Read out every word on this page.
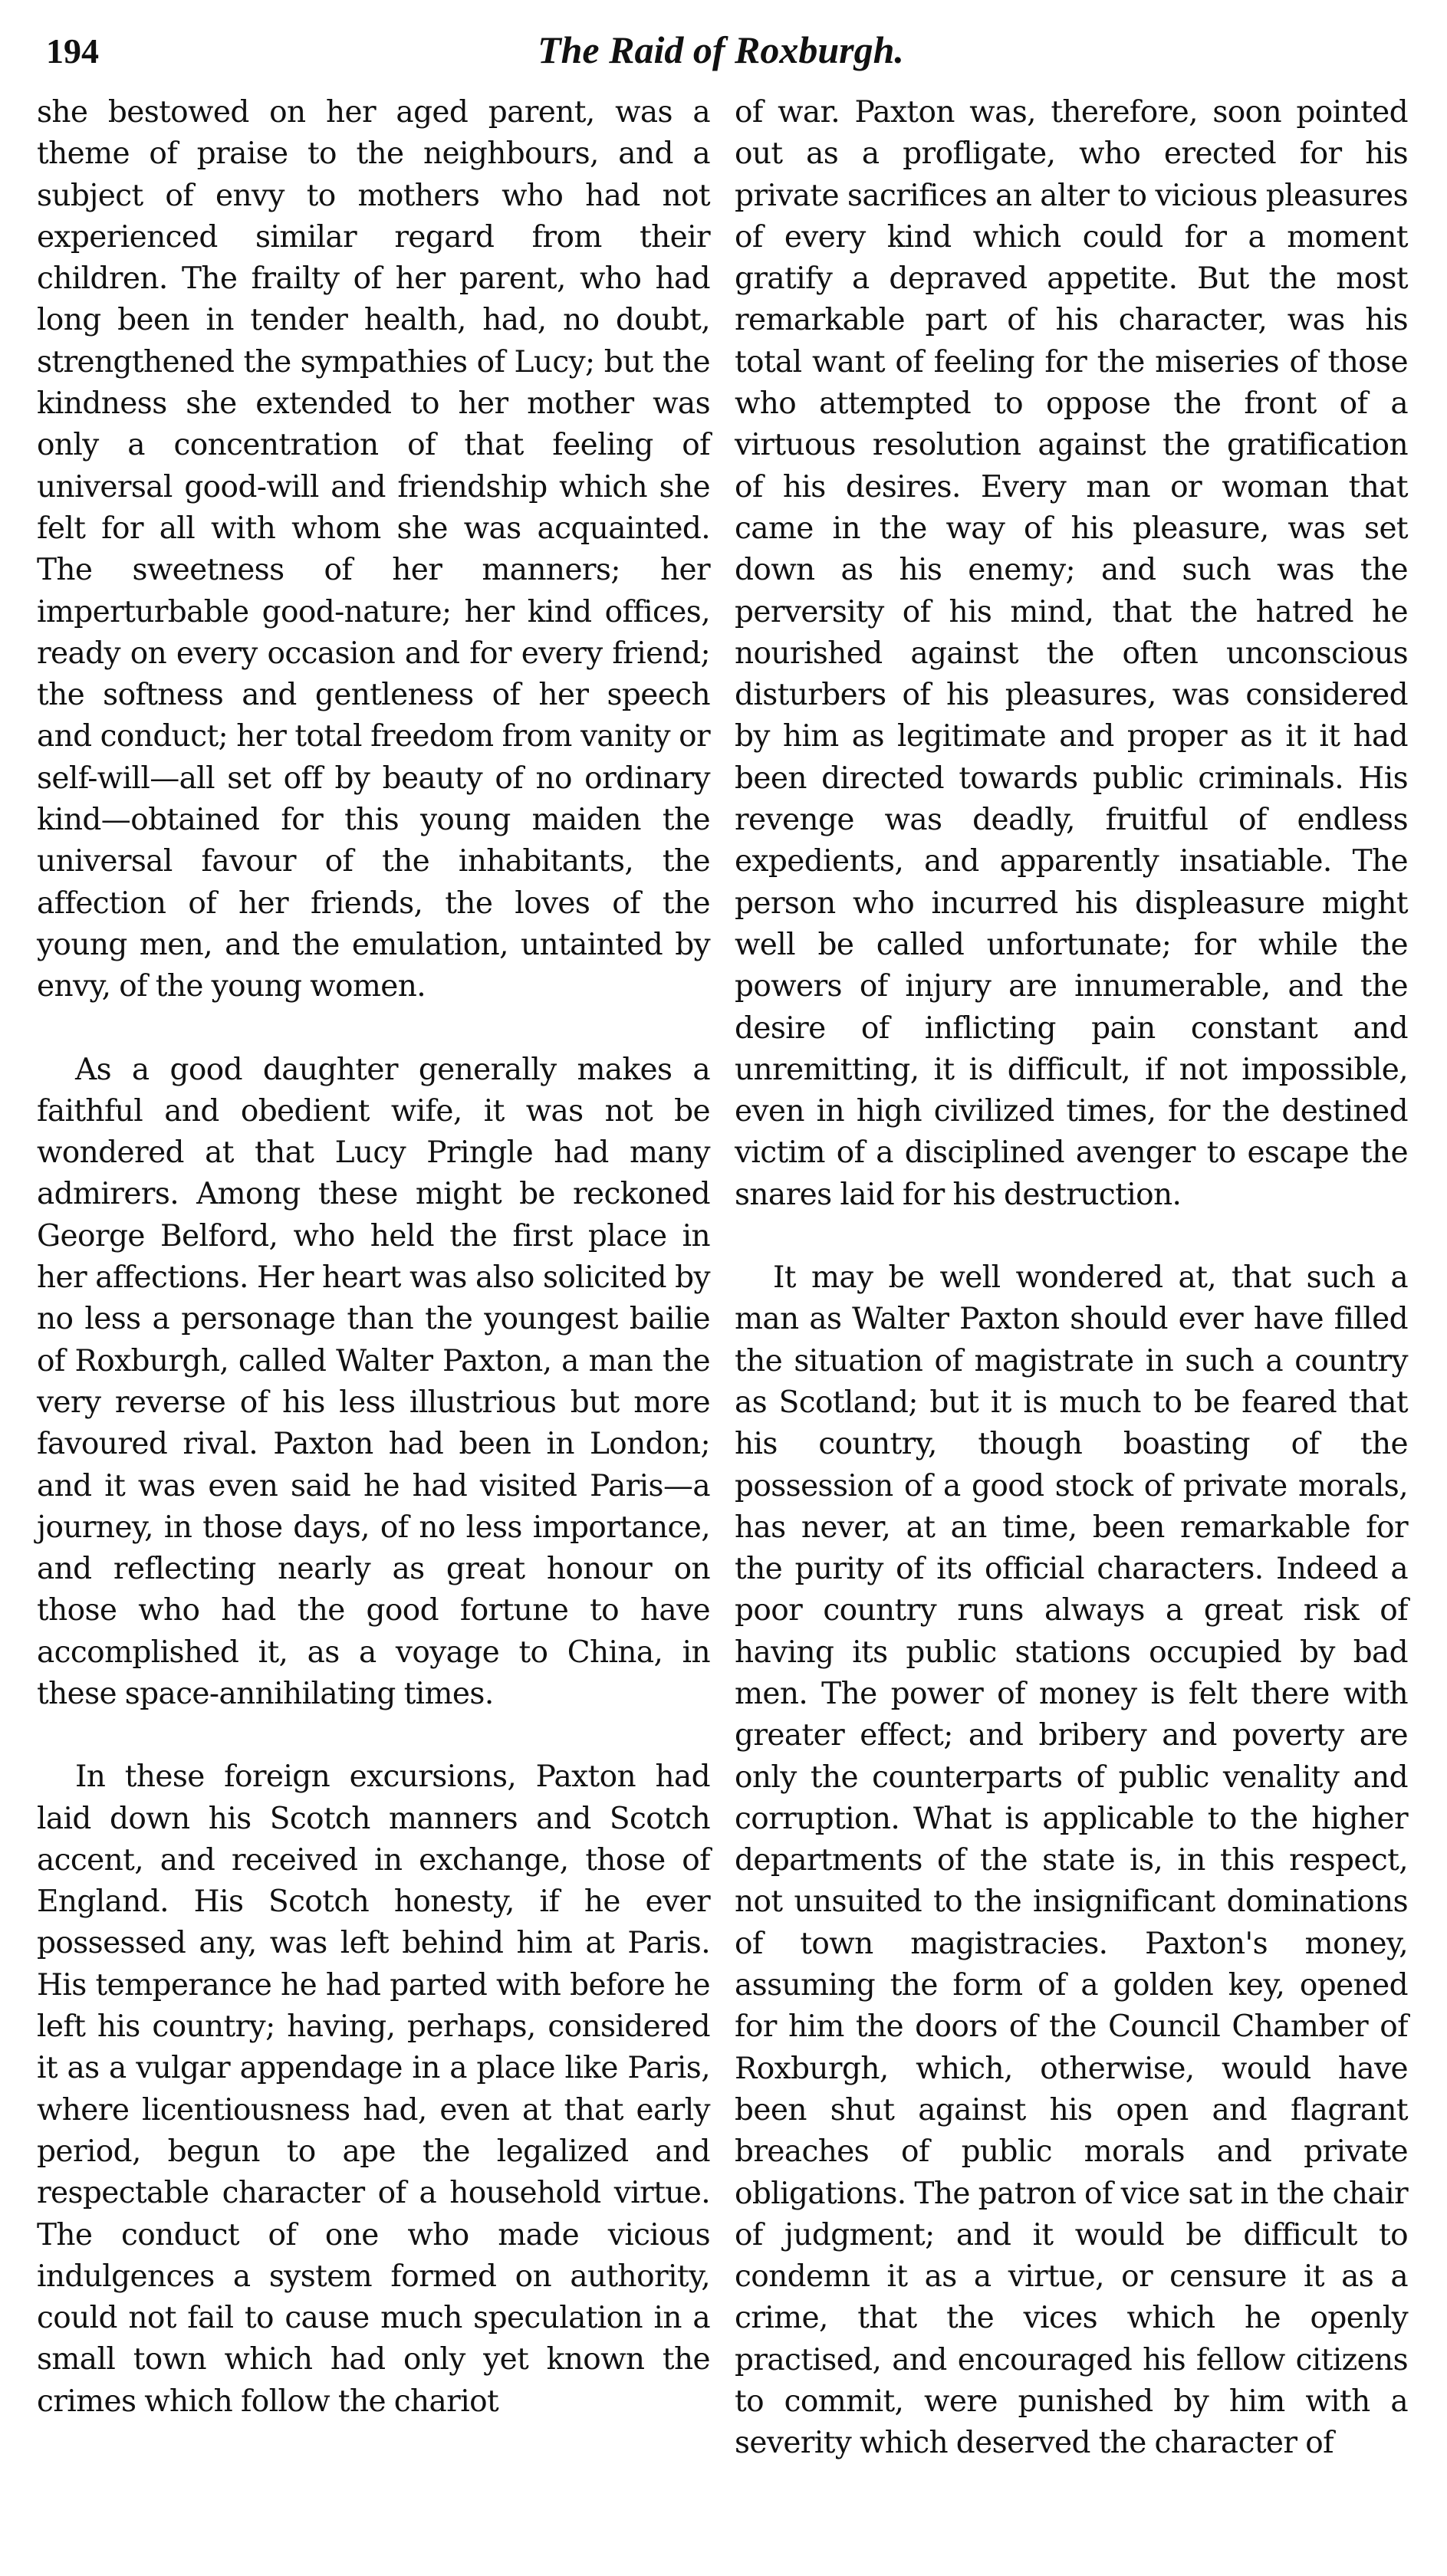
194	The Raid of Roxburgh.

she bestowed on her aged parent, was a theme of praise to the neighbours, and a subject of envy to mothers who had not experienced similar regard from their children. The frailty of her parent, who had long been in tender health, had, no doubt, strengthened the sympathies of Lucy; but the kindness she extended to her mother was only a concentration of that feeling of universal good-will and friendship which she felt for all with whom she was acquainted. The sweetness of her manners; her imperturbable good-nature; her kind offices, ready on every occasion and for every friend; the softness and gentleness of her speech and conduct; her total freedom from vanity or self-will—all set off by beauty of no ordinary kind—obtained for this young maiden the universal favour of the inhabitants, the affection of her friends, the loves of the young men, and the emulation, untainted by envy, of the young women.

As a good daughter generally makes a faithful and obedient wife, it was not be wondered at that Lucy Pringle had many admirers. Among these might be reckoned George Belford, who held the first place in her affections. Her heart was also solicited by no less a personage than the youngest bailie of Roxburgh, called Walter Paxton, a man the very reverse of his less illustrious but more favoured rival. Paxton had been in London; and it was even said he had visited Paris—a journey, in those days, of no less importance, and reflecting nearly as great honour on those who had the good fortune to have accomplished it, as a voyage to China, in these space-annihilating times.

In these foreign excursions, Paxton had laid down his Scotch manners and Scotch accent, and received in exchange, those of England. His Scotch honesty, if he ever possessed any, was left behind him at Paris. His temperance he had parted with before he left his country; having, perhaps, considered it as a vulgar appendage in a place like Paris, where licentiousness had, even at that early period, begun to ape the legalized and respectable character of a household virtue. The conduct of one who made vicious indulgences a system formed on authority, could not fail to cause much speculation in a small town which had only yet known the crimes which follow the chariot

of war. Paxton was, therefore, soon pointed out as a profligate, who erected for his private sacrifices an alter to vicious pleasures of every kind which could for a moment gratify a depraved appetite. But the most remarkable part of his character, was his total want of feeling for the miseries of those who attempted to oppose the front of a virtuous resolution against the gratification of his desires. Every man or woman that came in the way of his pleasure, was set down as his enemy; and such was the perversity of his mind, that the hatred he nourished against the often unconscious disturbers of his pleasures, was considered by him as legitimate and proper as it it had been directed towards public criminals. His revenge was deadly, fruitful of endless expedients, and apparently insatiable. The person who incurred his displeasure might well be called unfortunate; for while the powers of injury are innumerable, and the desire of inflicting pain constant and unremitting, it is difficult, if not impossible, even in high civilized times, for the destined victim of a disciplined avenger to escape the snares laid for his destruction.

It may be well wondered at, that such a man as Walter Paxton should ever have filled the situation of magistrate in such a country as Scotland; but it is much to be feared that his country, though boasting of the possession of a good stock of private morals, has never, at an time, been remarkable for the purity of its official characters. Indeed a poor country runs always a great risk of having its public stations occupied by bad men. The power of money is felt there with greater effect; and bribery and poverty are only the counterparts of public venality and corruption. What is applicable to the higher departments of the state is, in this respect, not unsuited to the insignificant dominations of town magistracies. Paxton's money, assuming the form of a golden key, opened for him the doors of the Council Chamber of Roxburgh, which, otherwise, would have been shut against his open and flagrant breaches of public morals and private obligations. The patron of vice sat in the chair of judgment; and it would be difficult to condemn it as a virtue, or censure it as a crime, that the vices which he openly practised, and encouraged his fellow citizens to commit, were punished by him with a severity which deserved the character of
